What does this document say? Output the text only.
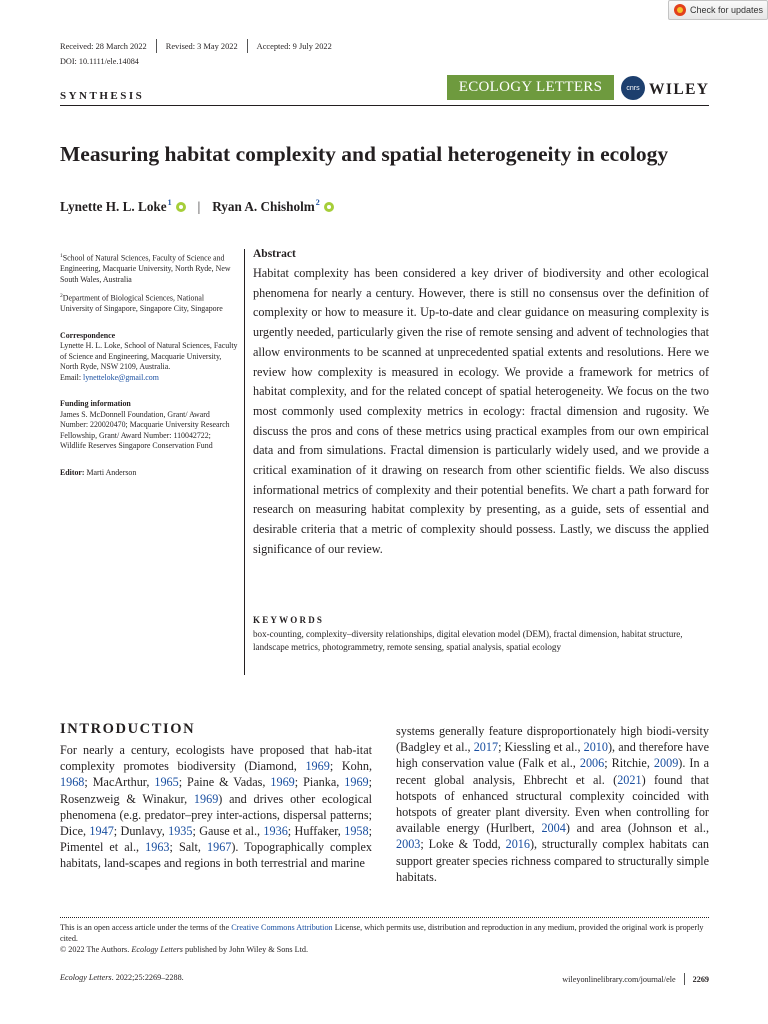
Check for updates
Received: 28 March 2022 Revised: 3 May 2022 Accepted: 9 July 2022
DOI: 10.1111/ele.14084
SYNTHESIS
ECOLOGY LETTERS	cnrs WILEY
Measuring habitat complexity and spatial heterogeneity in ecology
Lynette H. L. Loke$^1$ | Ryan A. Chisholm$^2$

$^1$School of Natural Sciences, Faculty of Science and Engineering, Macquarie University, North Ryde, New South Wales, Australia

$^2$Department of Biological Sciences, National University of Singapore, Singapore City, Singapore

Correspondence

Lynette H. L. Loke, School of Natural Sciences, Faculty of Science and Engineering, Macquarie University, North Ryde, NSW 2109, Australia.
Email: lynetteloke@gmail.com

Funding information

James S. McDonnell Foundation, Grant/ Award Number: 220020470; Macquarie University Research Fellowship, Grant/ Award Number: 110042722; Wildlife Reserves Singapore Conservation Fund

Editor: Marti Anderson

Abstract
Habitat complexity has been considered a key driver of biodiversity and other ecological phenomena for nearly a century. However, there is still no consensus over the definition of complexity or how to measure it. Up-to-date and clear guidance on measuring complexity is urgently needed, particularly given the rise of remote sensing and advent of technologies that allow environments to be scanned at unprecedented spatial extents and resolutions. Here we review how complexity is measured in ecology. We provide a framework for metrics of habitat complexity, and for the related concept of spatial heterogeneity. We focus on the two most commonly used complexity metrics in ecology: fractal dimension and rugosity. We discuss the pros and cons of these metrics using practical examples from our own empirical data and from simulations. Fractal dimension is particularly widely used, and we provide a critical examination of it drawing on research from other scientific fields. We also discuss informational metrics of complexity and their potential benefits. We chart a path forward for research on measuring habitat complexity by presenting, as a guide, sets of essential and desirable criteria that a metric of complexity should possess. Lastly, we discuss the applied significance of our review.
KEYWORDS
box-counting, complexity–diversity relationships, digital elevation model (DEM), fractal dimension, habitat structure, landscape metrics, photogrammetry, remote sensing, spatial analysis, spatial ecology
INTRODUCTION
For nearly a century, ecologists have proposed that hab-itat complexity promotes biodiversity (Diamond, 1969; Kohn, 1968; MacArthur, 1965; Paine & Vadas, 1969; Pianka, 1969; Rosenzweig & Winakur, 1969) and drives other ecological phenomena (e.g. predator–prey inter-actions, dispersal patterns; Dice, 1947; Dunlavy, 1935; Gause et al., 1936; Huffaker, 1958; Pimentel et al., 1963; Salt, 1967). Topographically complex habitats, land-scapes and regions in both terrestrial and marine
systems generally feature disproportionately high biodi-versity (Badgley et al., 2017; Kiessling et al., 2010), and therefore have high conservation value (Falk et al., 2006; Ritchie, 2009). In a recent global analysis, Ehbrecht et al. (2021) found that hotspots of enhanced structural complexity coincided with hotspots of greater plant diversity. Even when controlling for available energy (Hurlbert, 2004) and area (Johnson et al., 2003; Loke & Todd, 2016), structurally complex habitats can support greater species richness compared to structurally simple habitats.
This is an open access article under the terms of the Creative Commons Attribution License, which permits use, distribution and reproduction in any medium, provided the original work is properly cited.
© 2022 The Authors. Ecology Letters published by John Wiley & Sons Ltd.
Ecology Letters. 2022;25:2269–2288.	wileyonlinelibrary.com/journal/ele 2269
